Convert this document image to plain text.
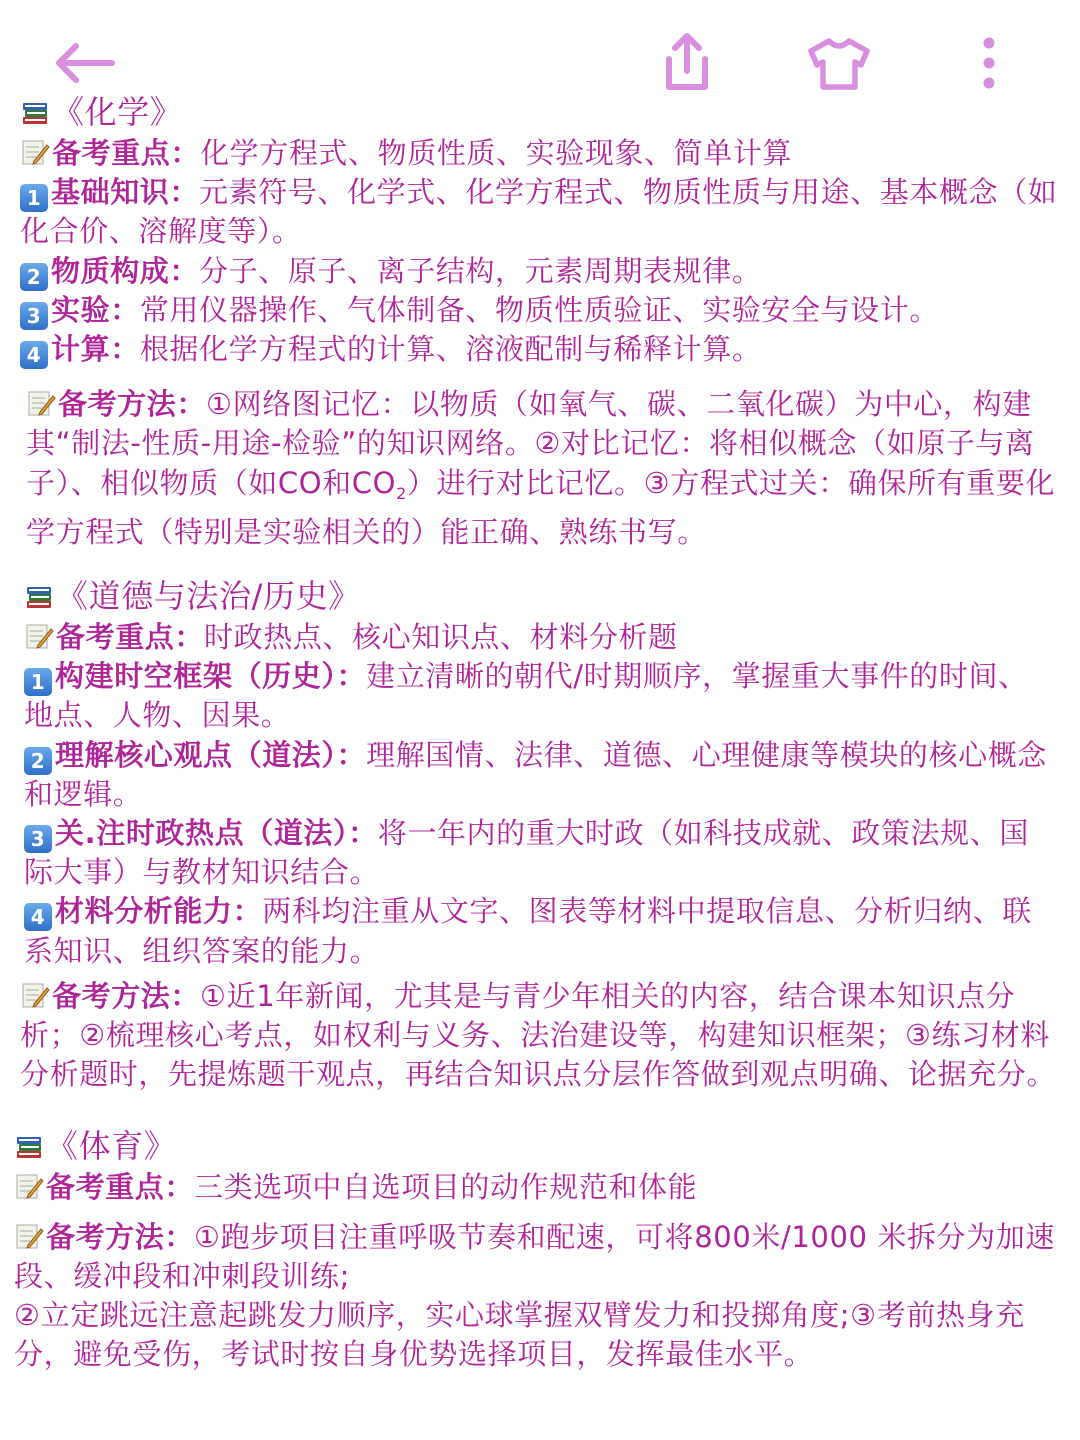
《化学》
备考重点：化学方程式、物质性质、实验现象、简单计算
1 基础知识：元素符号、化学式、化学方程式、物质性质与用途、基本概念（如化合价、溶解度等）。
2 物质构成：分子、原子、离子结构，元素周期表规律。
3 实验：常用仪器操作、气体制备、物质性质验证、实验安全与设计。
4 计算：根据化学方程式的计算、溶液配制与稀释计算。
备考方法：①网络图记忆：以物质（如氧气、碳、二氧化碳）为中心，构建其“制法-性质-用途-检验”的知识网络。②对比记忆：将相似概念（如原子与离子）、相似物质（如CO和$CO_2$）进行对比记忆。③方程式过关：确保所有重要化学方程式（特别是实验相关的）能正确、熟练书写。
《道德与法治/历史》
备考重点：时政热点、核心知识点、材料分析题
1 构建时空框架（历史）：建立清晰的朝代/时期顺序，掌握重大事件的时间、地点、人物、因果。
2 理解核心观点（道法）：理解国情、法律、道德、心理健康等模块的核心概念和逻辑。
3 关.注时政热点（道法）：将一年内的重大时政（如科技成就、政策法规、国际大事）与教材知识结合。
4 材料分析能力：两科均注重从文字、图表等材料中提取信息、分析归纳、联系知识、组织答案的能力。
备考方法：①近1年新闻，尤其是与青少年相关的内容，结合课本知识点分析；②梳理核心考点，如权利与义务、法治建设等，构建知识框架；③练习材料分析题时，先提炼题干观点，再结合知识点分层作答做到观点明确、论据充分。
《体育》
备考重点：三类选项中自选项目的动作规范和体能
备考方法：①跑步项目注重呼吸节奏和配速，可将800米/1000 米拆分为加速段、缓冲段和冲刺段训练;
②立定跳远注意起跳发力顺序，实心球掌握双臂发力和投掷角度;③考前热身充分，避免受伤，考试时按自身优势选择项目，发挥最佳水平。
